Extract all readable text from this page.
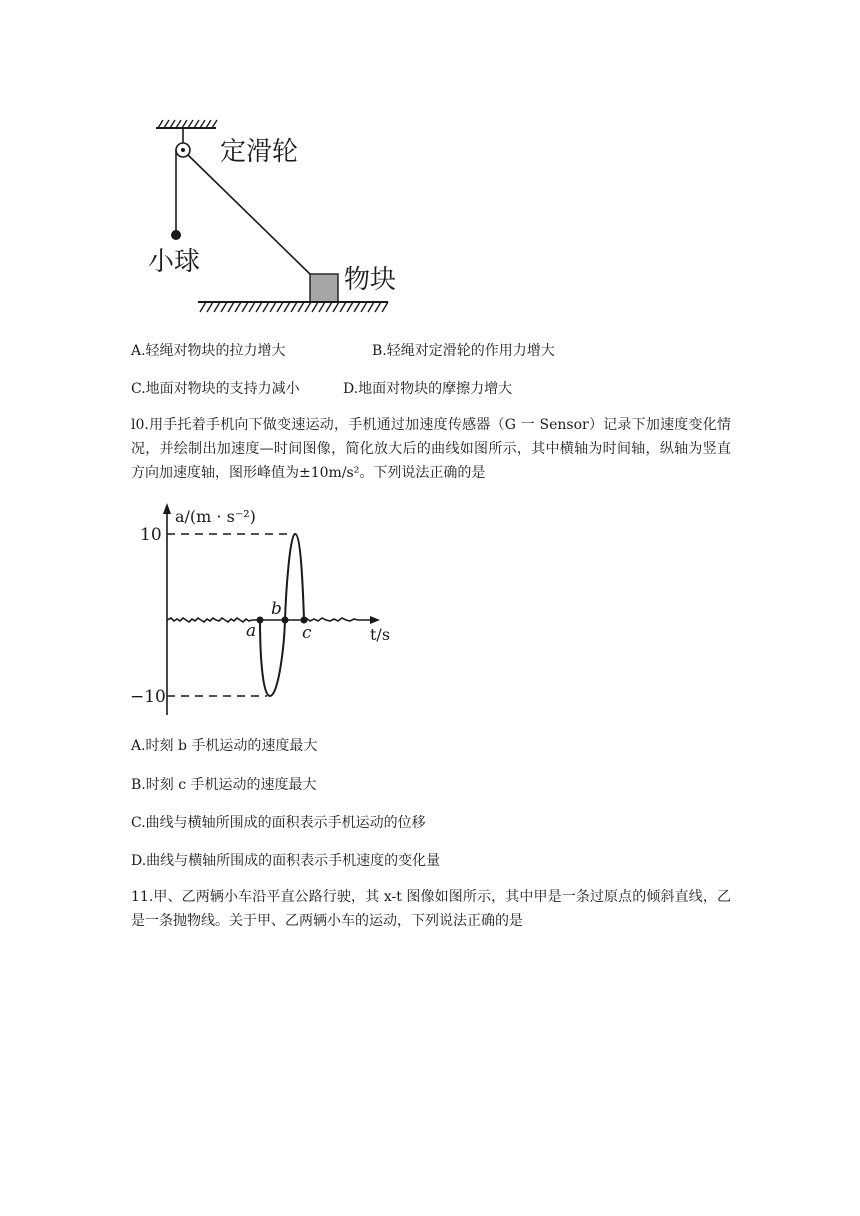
定滑轮
小球
物块
A.轻绳对物块的拉力增大	B.轻绳对定滑轮的作用力增大
C.地面对物块的支持力减小	D.地面对物块的摩擦力增大
l0.用手托着手机向下做变速运动，手机通过加速度传感器（G 一 Sensor）记录下加速度变化情况，并绘制出加速度—时间图像，简化放大后的曲线如图所示，其中横轴为时间轴，纵轴为竖直方向加速度轴，图形峰值为±10m/s²。下列说法正确的是
a/(m · s⁻²)
t/s
10
−10
a
b
c
A.时刻 b 手机运动的速度最大
B.时刻 c 手机运动的速度最大
C.曲线与横轴所围成的面积表示手机运动的位移
D.曲线与横轴所围成的面积表示手机速度的变化量
11.甲、乙两辆小车沿平直公路行驶，其 x-t 图像如图所示，其中甲是一条过原点的倾斜直线，乙是一条抛物线。关于甲、乙两辆小车的运动，下列说法正确的是
